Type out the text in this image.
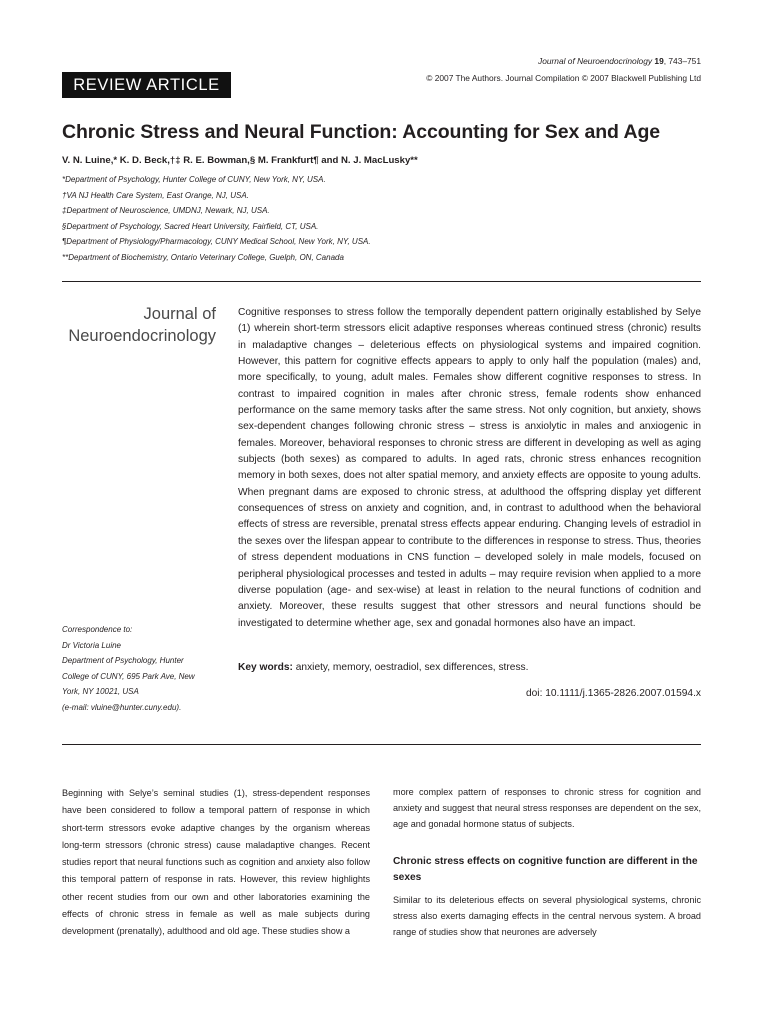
Journal of Neuroendocrinology 19, 743–751
© 2007 The Authors. Journal Compilation © 2007 Blackwell Publishing Ltd
REVIEW ARTICLE
Chronic Stress and Neural Function: Accounting for Sex and Age
V. N. Luine,* K. D. Beck,†‡ R. E. Bowman,§ M. Frankfurt¶ and N. J. MacLusky**
*Department of Psychology, Hunter College of CUNY, New York, NY, USA.
†VA NJ Health Care System, East Orange, NJ, USA.
‡Department of Neuroscience, UMDNJ, Newark, NJ, USA.
§Department of Psychology, Sacred Heart University, Fairfield, CT, USA.
¶Department of Physiology/Pharmacology, CUNY Medical School, New York, NY, USA.
**Department of Biochemistry, Ontario Veterinary College, Guelph, ON, Canada
Journal of
Neuroendocrinology
Cognitive responses to stress follow the temporally dependent pattern originally established by Selye (1) wherein short-term stressors elicit adaptive responses whereas continued stress (chronic) results in maladaptive changes – deleterious effects on physiological systems and impaired cognition. However, this pattern for cognitive effects appears to apply to only half the population (males) and, more specifically, to young, adult males. Females show different cognitive responses to stress. In contrast to impaired cognition in males after chronic stress, female rodents show enhanced performance on the same memory tasks after the same stress. Not only cognition, but anxiety, shows sex-dependent changes following chronic stress – stress is anxiolytic in males and anxiogenic in females. Moreover, behavioral responses to chronic stress are different in developing as well as aging subjects (both sexes) as compared to adults. In aged rats, chronic stress enhances recognition memory in both sexes, does not alter spatial memory, and anxiety effects are opposite to young adults. When pregnant dams are exposed to chronic stress, at adulthood the offspring display yet different consequences of stress on anxiety and cognition, and, in contrast to adulthood when the behavioral effects of stress are reversible, prenatal stress effects appear enduring. Changing levels of estradiol in the sexes over the lifespan appear to contribute to the differences in response to stress. Thus, theories of stress dependent moduations in CNS function – developed solely in male models, focused on peripheral physiological processes and tested in adults – may require revision when applied to a more diverse population (age- and sex-wise) at least in relation to the neural functions of codnition and anxiety. Moreover, these results suggest that other stressors and neural functions should be investigated to determine whether age, sex and gonadal hormones also have an impact.
Key words: anxiety, memory, oestradiol, sex differences, stress.
doi: 10.1111/j.1365-2826.2007.01594.x
Correspondence to:
Dr Victoria Luine
Department of Psychology, Hunter
College of CUNY, 695 Park Ave, New
York, NY 10021, USA
(e-mail: vluine@hunter.cuny.edu).
Beginning with Selye’s seminal studies (1), stress-dependent responses have been considered to follow a temporal pattern of response in which short-term stressors evoke adaptive changes by the organism whereas long-term stressors (chronic stress) cause maladaptive changes. Recent studies report that neural functions such as cognition and anxiety also follow this temporal pattern of response in rats. However, this review highlights other recent studies from our own and other laboratories examining the effects of chronic stress in female as well as male subjects during development (prenatally), adulthood and old age. These studies show a
more complex pattern of responses to chronic stress for cognition and anxiety and suggest that neural stress responses are dependent on the sex, age and gonadal hormone status of subjects.
Chronic stress effects on cognitive function are different in the sexes
Similar to its deleterious effects on several physiological systems, chronic stress also exerts damaging effects in the central nervous system. A broad range of studies show that neurones are adversely
